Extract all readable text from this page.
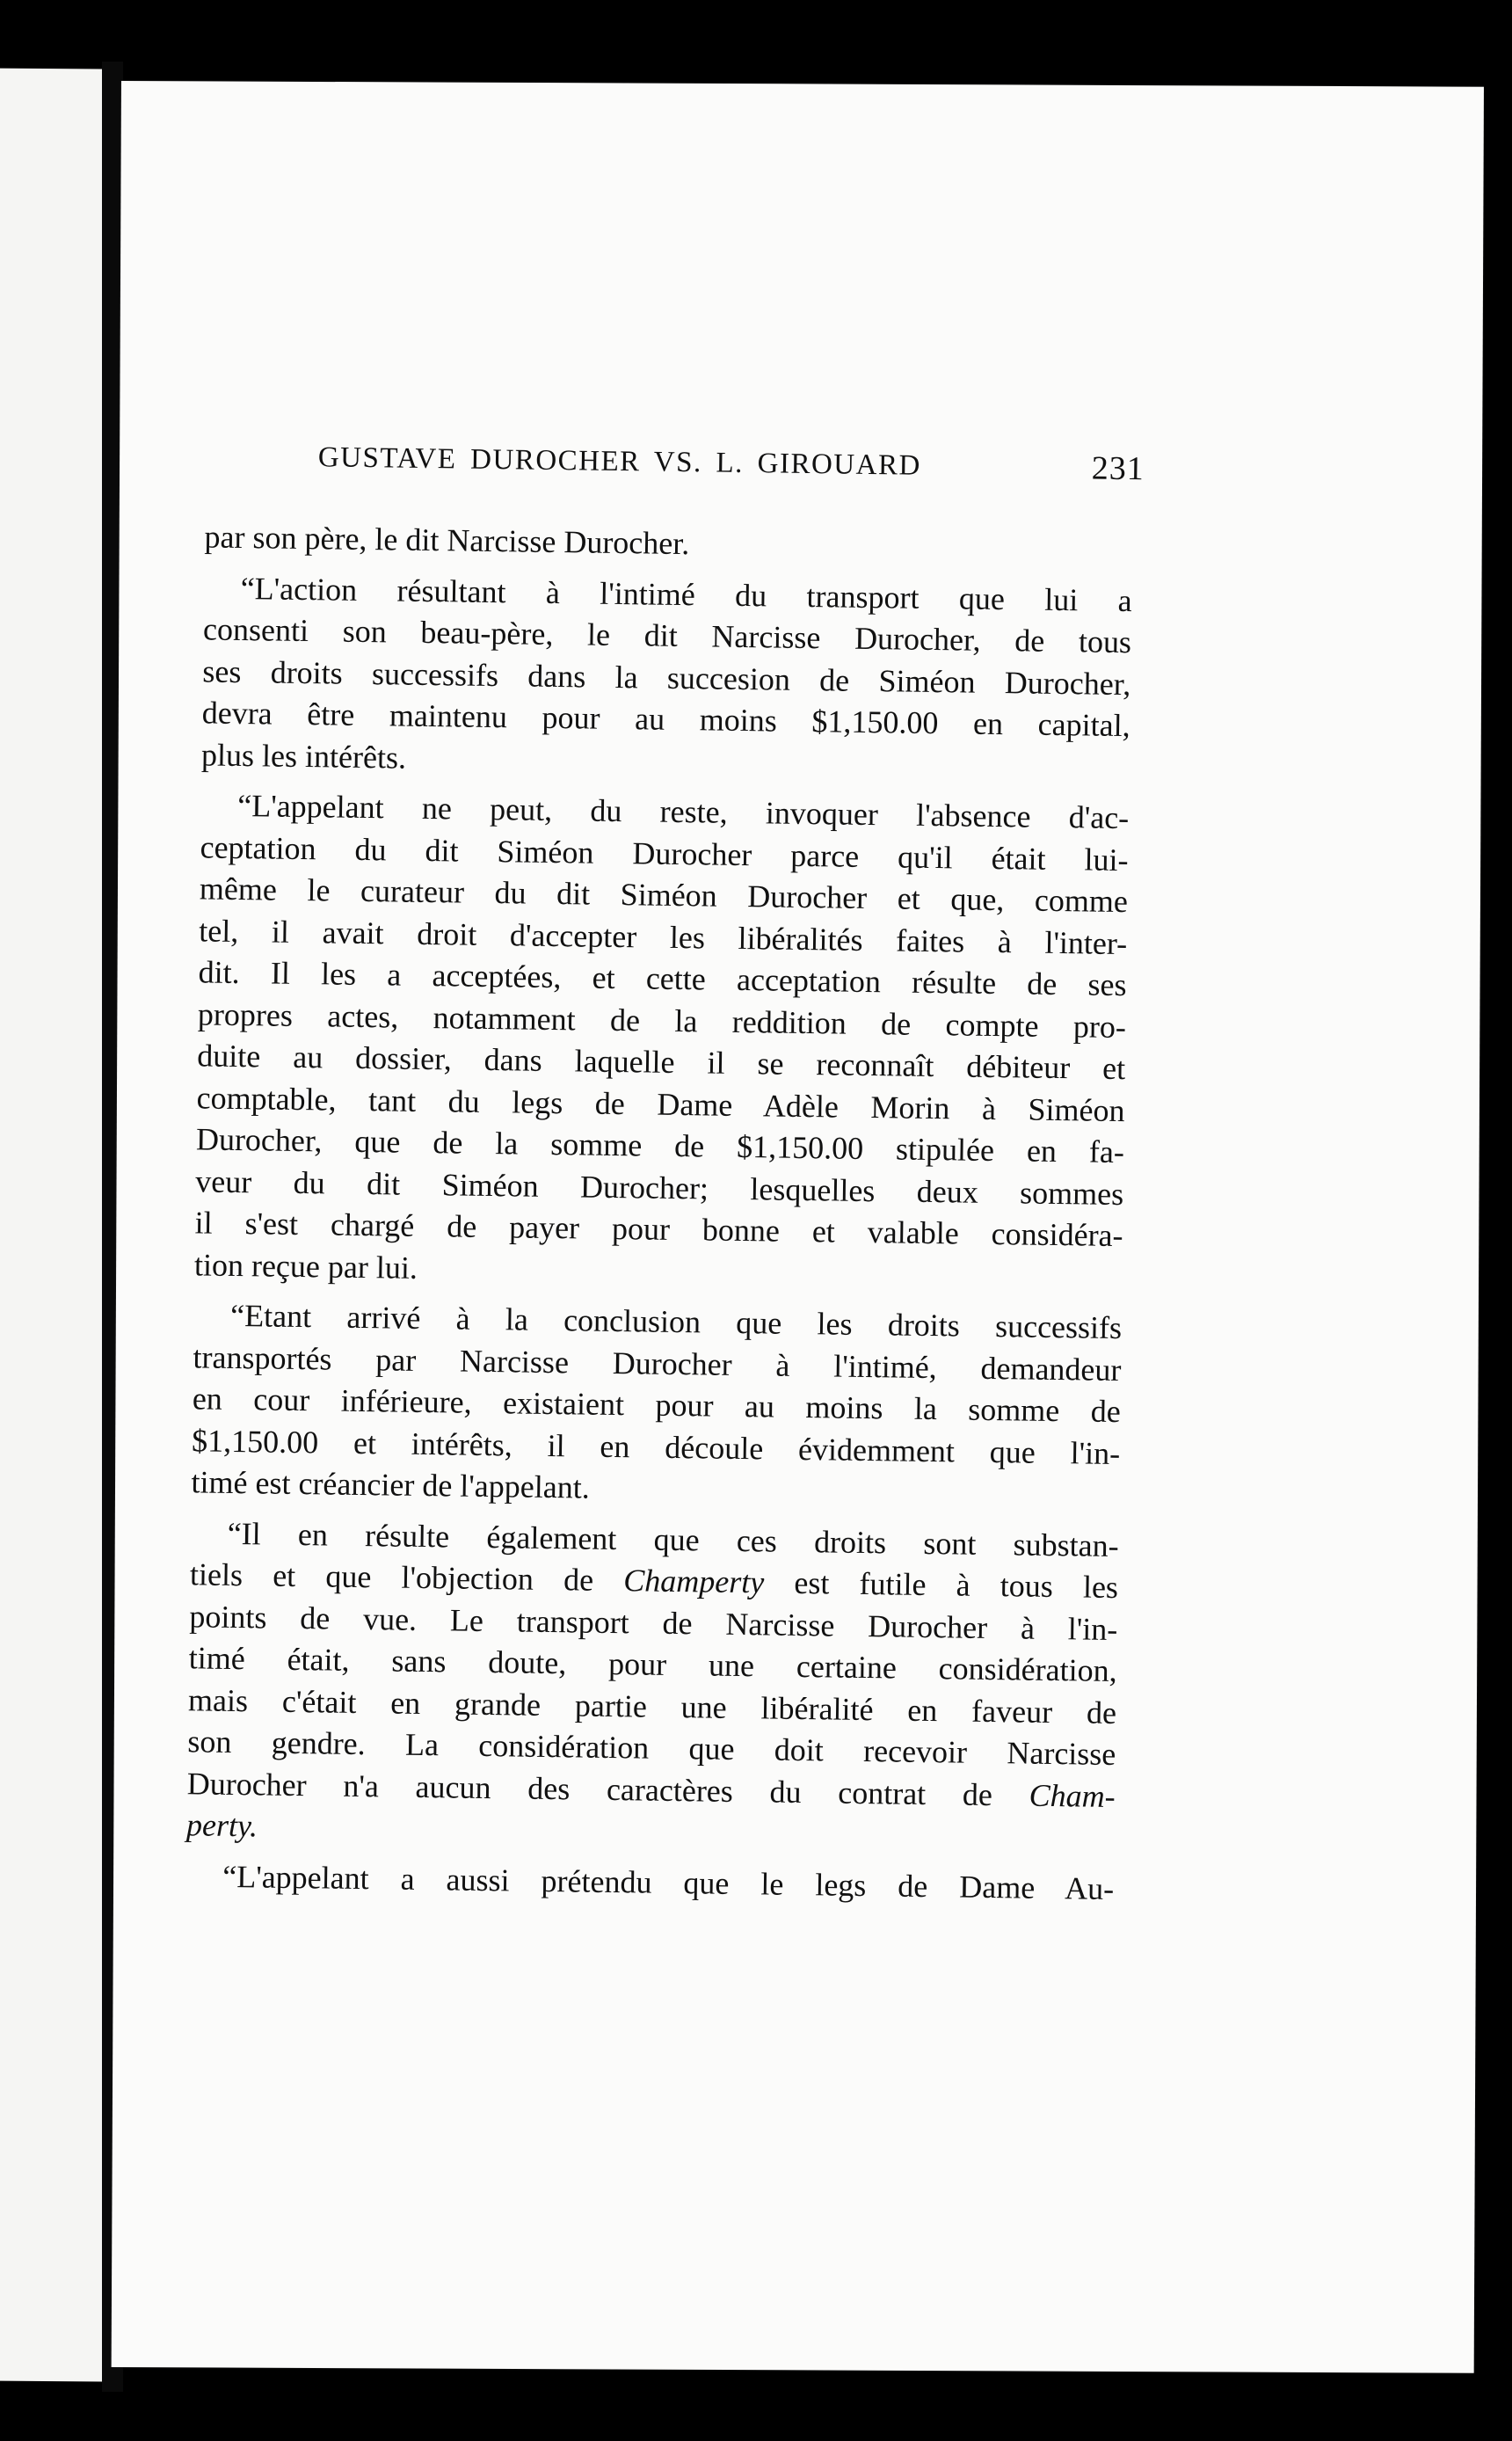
GUSTAVE DUROCHER VS. L. GIROUARD	231

par son père, le dit Narcisse Durocher.

“L'action résultant à l'intimé du transport que lui a
consenti son beau-père, le dit Narcisse Durocher, de tous
ses droits successifs dans la succesion de Siméon Durocher,
devra être maintenu pour au moins $1,150.00 en capital,
plus les intérêts.

“L'appelant ne peut, du reste, invoquer l'absence d'ac-
ceptation du dit Siméon Durocher parce qu'il était lui-
même le curateur du dit Siméon Durocher et que, comme
tel, il avait droit d'accepter les libéralités faites à l'inter-
dit. Il les a acceptées, et cette acceptation résulte de ses
propres actes, notamment de la reddition de compte pro-
duite au dossier, dans laquelle il se reconnaît débiteur et
comptable, tant du legs de Dame Adèle Morin à Siméon
Durocher, que de la somme de $1,150.00 stipulée en fa-
veur du dit Siméon Durocher; lesquelles deux sommes
il s'est chargé de payer pour bonne et valable considéra-
tion reçue par lui.

“Etant arrivé à la conclusion que les droits successifs
transportés par Narcisse Durocher à l'intimé, demandeur
en cour inférieure, existaient pour au moins la somme de
$1,150.00 et intérêts, il en découle évidemment que l'in-
timé est créancier de l'appelant.

“Il en résulte également que ces droits sont substan-
tiels et que l'objection de Champerty est futile à tous les
points de vue. Le transport de Narcisse Durocher à l'in-
timé était, sans doute, pour une certaine considération,
mais c'était en grande partie une libéralité en faveur de
son gendre. La considération que doit recevoir Narcisse
Durocher n'a aucun des caractères du contrat de Cham-
perty.

“L'appelant a aussi prétendu que le legs de Dame Au-
